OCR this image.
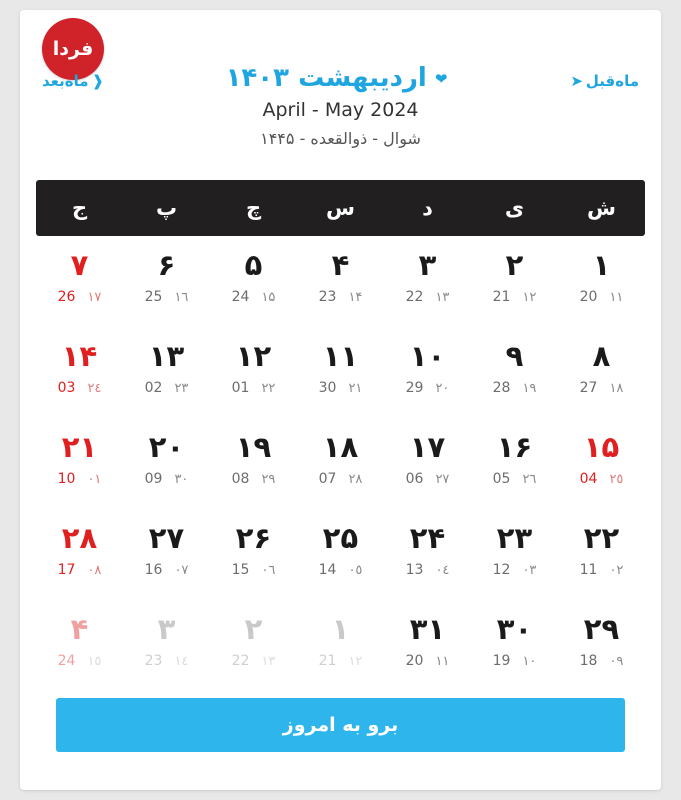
فردا
ماه‌قبل➤
❰ماه‌بعد	❤اردیبهشت ۱۴۰۳
April - May 2024
شوال - ذوالقعده - ۱۴۴۵
ش
ی
د
س
چ
پ
ج
۱
۱۱
20
۲
۱۲
21
۳
۱۳
22
۴
۱۴
23
۵
۱۵
24
۶
۱٦
25
۷
۱۷
26
۸
۱۸
27
۹
۱۹
28
۱۰
۲۰
29
۱۱
۲۱
30
۱۲
۲۲
01
۱۳
۲۳
02
۱۴
۲٤
03
۱۵
۲٥
04
۱۶
۲٦
05
۱۷
۲۷
06
۱۸
۲۸
07
۱۹
۲۹
08
۲۰
۳۰
09
۲۱
۰۱
10
۲۲
۰۲
11
۲۳
۰۳
12
۲۴
۰٤
13
۲۵
۰٥
14
۲۶
۰٦
15
۲۷
۰۷
16
۲۸
۰۸
17
۲۹
۰۹
18
۳۰
۱۰
19
۳۱
۱۱
20
۱
۱۲
21
۲
۱۳
22
۳
۱٤
23
۴
۱٥
24
برو به امروز
